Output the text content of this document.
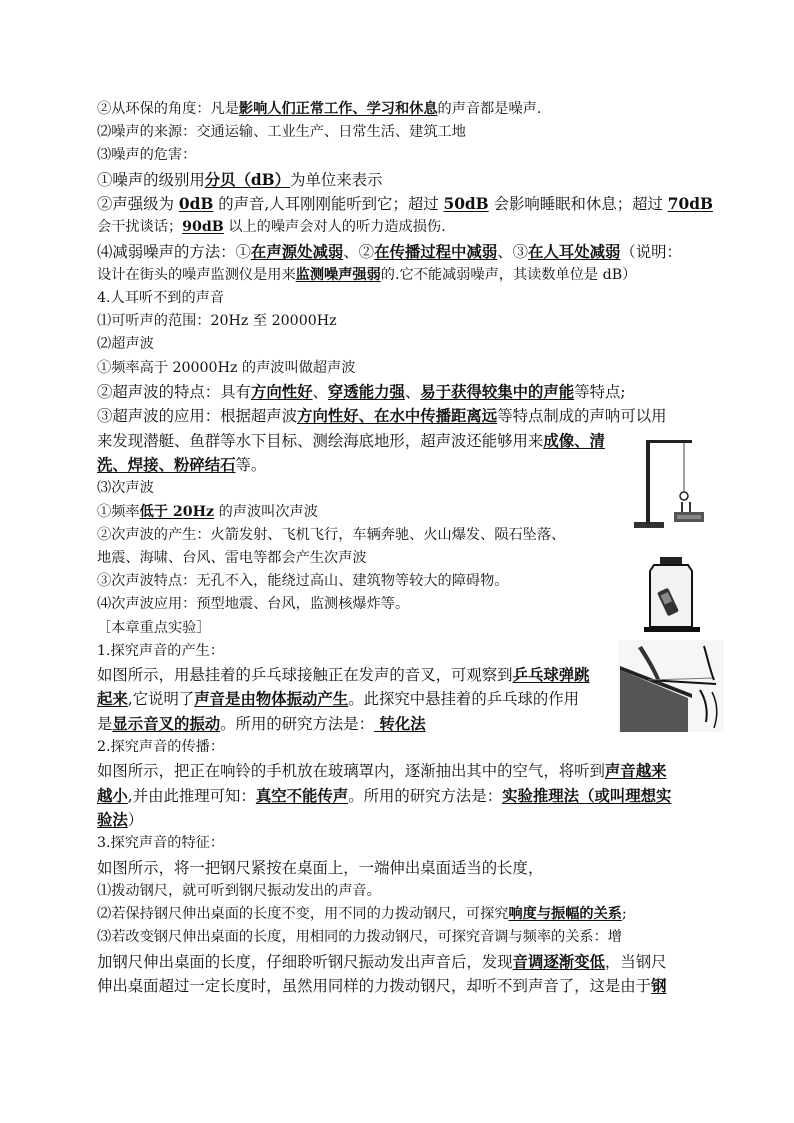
②从环保的角度：凡是影响人们正常工作、学习和休息的声音都是噪声.
⑵噪声的来源：交通运输、工业生产、日常生活、建筑工地
⑶噪声的危害：
①噪声的级别用分贝（dB）为单位来表示
②声强级为 0dB 的声音,人耳刚刚能听到它；超过 50dB 会影响睡眠和休息；超过 70dB
会干扰谈话；90dB 以上的噪声会对人的听力造成损伤.
⑷减弱噪声的方法：①在声源处减弱、②在传播过程中减弱、③在人耳处减弱（说明：
设计在街头的噪声监测仪是用来监测噪声强弱的.它不能减弱噪声，其读数单位是 dB）
4.人耳听不到的声音
⑴可听声的范围：20Hz 至 20000Hz
⑵超声波
①频率高于 20000Hz 的声波叫做超声波
②超声波的特点：具有方向性好、穿透能力强、易于获得较集中的声能等特点;
③超声波的应用：根据超声波方向性好、在水中传播距离远等特点制成的声呐可以用
来发现潜艇、鱼群等水下目标、测绘海底地形，超声波还能够用来成像、清
洗、焊接、粉碎结石等。
⑶次声波
①频率低于 20Hz 的声波叫次声波
②次声波的产生：火箭发射、飞机飞行，车辆奔驰、火山爆发、陨石坠落、
地震、海啸、台风、雷电等都会产生次声波
③次声波特点：无孔不入，能绕过高山、建筑物等较大的障碍物。
⑷次声波应用：预型地震、台风，监测核爆炸等。
［本章重点实验］
1.探究声音的产生：
如图所示，用悬挂着的乒乓球接触正在发声的音叉，可观察到乒乓球弹跳
起来,它说明了声音是由物体振动产生。此探究中悬挂着的乒乓球的作用
是显示音叉的振动。所用的研究方法是： 转化法
2.探究声音的传播：
如图所示，把正在响铃的手机放在玻璃罩内，逐渐抽出其中的空气，将听到声音越来
越小,并由此推理可知：真空不能传声。所用的研究方法是：实验推理法（或叫理想实
验法）
3.探究声音的特征：
如图所示，将一把钢尺紧按在桌面上，一端伸出桌面适当的长度，
⑴拨动钢尺，就可听到钢尺振动发出的声音。
⑵若保持钢尺伸出桌面的长度不变，用不同的力拨动钢尺，可探究响度与振幅的关系;
⑶若改变钢尺伸出桌面的长度，用相同的力拨动钢尺，可探究音调与频率的关系：增
加钢尺伸出桌面的长度，仔细聆听钢尺振动发出声音后，发现音调逐渐变低，当钢尺
伸出桌面超过一定长度时，虽然用同样的力拨动钢尺，却听不到声音了，这是由于钢
